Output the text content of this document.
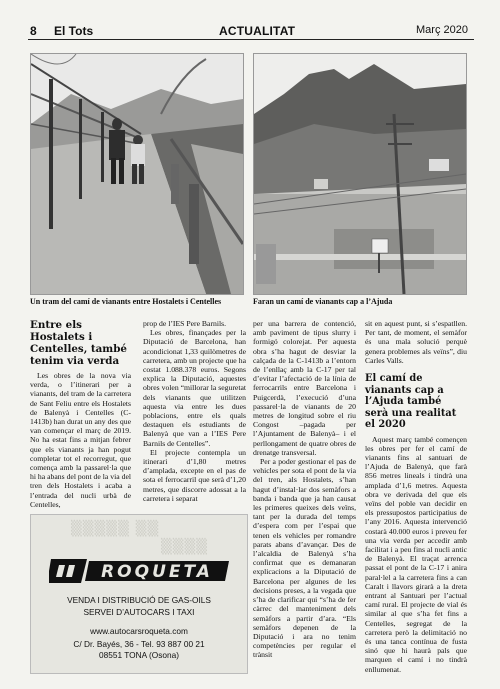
8 El Tots	ACTUALITAT	Març 2020
Un tram del camí de vianants entre Hostalets i Centelles	Faran un camí de vianants cap a l’Ajuda
Entre els Hostalets i Centelles, també tenim via verda

Les obres de la nova via verda, o l’itinerari per a vianants, del tram de la carretera de Sant Feliu entre els Hostalets de Balenyà i Centelles (C-1413b) han durat un any des que van començar el març de 2019. No ha estat fins a mitjan febrer que els vianants ja han pogut completar tot el recorregut, que comença amb la passarel·la que hi ha abans del pont de la via del tren dels Hostalets i acaba a l’entrada del nucli urbà de Centelles,

prop de l’IES Pere Barnils.

Les obres, finançades per la Diputació de Barcelona, han acondicionat 1,33 quilòmetres de carretera, amb un projecte que ha costat 1.088.378 euros. Segons explica la Diputació, aquestes obres volen “millorar la seguretat dels vianants que utilitzen aquesta via entre les dues poblacions, entre els quals destaquen els estudiants de Balenyà que van a l’IES Pere Barnils de Centelles”.

El projecte contempla un itinerari d’1,80 metres d’amplada, excepte en el pas de sota el ferrocarril que serà d’1,20 metres, que discorre adossat a la carretera i separat

per una barrera de contenció, amb paviment de tipus slurry i formigó colorejat. Per aquesta obra s’ha hagut de desviar la calçada de la C-1413b a l’entorn de l’enllaç amb la C-17 per tal d’evitar l’afectació de la línia de ferrocarrils entre Barcelona i Puigcerdà, l’execució d’una passarel·la de vianants de 20 metres de longitud sobre el riu Congost –pagada per l’Ajuntament de Balenyà– i el perllongament de quatre obres de drenatge transversal.

Per a poder gestionar el pas de vehicles per sota el pont de la via del tren, als Hostalets, s’han hagut d’instal·lar dos semàfors a banda i banda que ja han causat les primeres queixes dels veïns, tant per la durada del temps d’espera com per l’espai que tenen els vehicles per romandre parats abans d’avançar. Des de l’alcaldia de Balenyà s’ha confirmat que es demanaran explicacions a la Diputació de Barcelona per algunes de les decisions preses, a la vegada que s’ha de clarificar qui “s’ha de fer càrrec del manteniment dels semàfors a partir d’ara. “Els semàfors depenen de la Diputació i ara no tenim competències per regular el trànsit

sit en aquest punt, si s’espatllen. Per tant, de moment, el semàfor és una mala solució perquè genera problemes als veïns”, diu Carles Valls.

El camí de vianants cap a l’Ajuda també serà una realitat el 2020

Aquest març també començen les obres per fer el camí de vianants fins al santuari de l’Ajuda de Balenyà, que farà 856 metres lineals i tindrà una amplada d’1,6 metres. Aquesta obra ve derivada del que els veïns del poble van decidir en els pressupostos participatius de l’any 2016. Aquesta intervenció costarà 40.000 euros i preveu fer una via verda per accedir amb facilitat i a peu fins al nucli antic de Balenyà. El traçat arrenca passat el pont de la C-17 i anira paral·lel a la carretera fins a can Caralt i llavors girarà a la dreta entrant al Santuari per l’actual camí rural. El projecte de vial és similar al que s’ha fet fins a Centelles, segregat de la carretera però la delimitació no és una tanca contínua de fusta sinó que hi haurà pals que marquen el camí i no tindrà enllumenat.

▒▒▒▒▒ ▒▒
▒▒▒▒
ROQUETA
VENDA I DISTRIBUCIÓ DE GAS-OILS
SERVEI D’AUTOCARS I TAXI
www.autocarsroqueta.com
C/ Dr. Bayés, 36 - Tel. 93 887 00 21
08551 TONA (Osona)
